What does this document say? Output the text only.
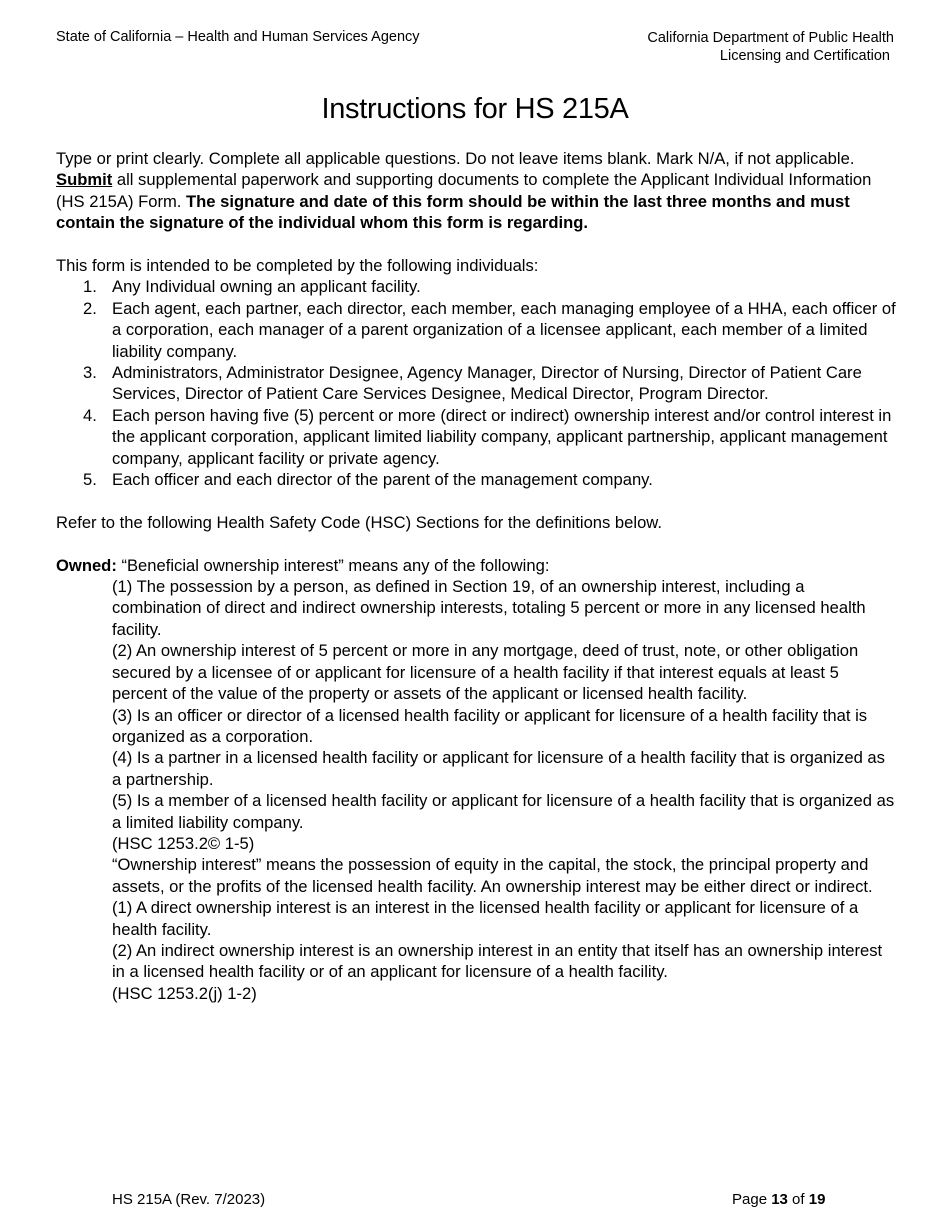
State of California – Health and Human Services Agency	California Department of Public Health
Licensing and Certification
Instructions for HS 215A

Type or print clearly. Complete all applicable questions. Do not leave items blank. Mark N/A, if not applicable. Submit all supplemental paperwork and supporting documents to complete the Applicant Individual Information (HS 215A) Form. The signature and date of this form should be within the last three months and must contain the signature of the individual whom this form is regarding.

This form is intended to be completed by the following individuals:

1. Any Individual owning an applicant facility.
2. Each agent, each partner, each director, each member, each managing employee of a HHA, each officer of a corporation, each manager of a parent organization of a licensee applicant, each member of a limited liability company.
3. Administrators, Administrator Designee, Agency Manager, Director of Nursing, Director of Patient Care Services, Director of Patient Care Services Designee, Medical Director, Program Director.
4. Each person having five (5) percent or more (direct or indirect) ownership interest and/or control interest in the applicant corporation, applicant limited liability company, applicant partnership, applicant management company, applicant facility or private agency.
5. Each officer and each director of the parent of the management company.

Refer to the following Health Safety Code (HSC) Sections for the definitions below.

Owned: “Beneficial ownership interest” means any of the following:

(1) The possession by a person, as defined in Section 19, of an ownership interest, including a combination of direct and indirect ownership interests, totaling 5 percent or more in any licensed health facility.

(2) An ownership interest of 5 percent or more in any mortgage, deed of trust, note, or other obligation secured by a licensee of or applicant for licensure of a health facility if that interest equals at least 5 percent of the value of the property or assets of the applicant or licensed health facility.

(3) Is an officer or director of a licensed health facility or applicant for licensure of a health facility that is organized as a corporation.

(4) Is a partner in a licensed health facility or applicant for licensure of a health facility that is organized as a partnership.

(5) Is a member of a licensed health facility or applicant for licensure of a health facility that is organized as a limited liability company.

(HSC 1253.2© 1-5)

“Ownership interest” means the possession of equity in the capital, the stock, the principal property and assets, or the profits of the licensed health facility. An ownership interest may be either direct or indirect.

(1) A direct ownership interest is an interest in the licensed health facility or applicant for licensure of a health facility.

(2) An indirect ownership interest is an ownership interest in an entity that itself has an ownership interest in a licensed health facility or of an applicant for licensure of a health facility.

(HSC 1253.2(j) 1-2)

HS 215A (Rev. 7/2023)	Page 13 of 19
